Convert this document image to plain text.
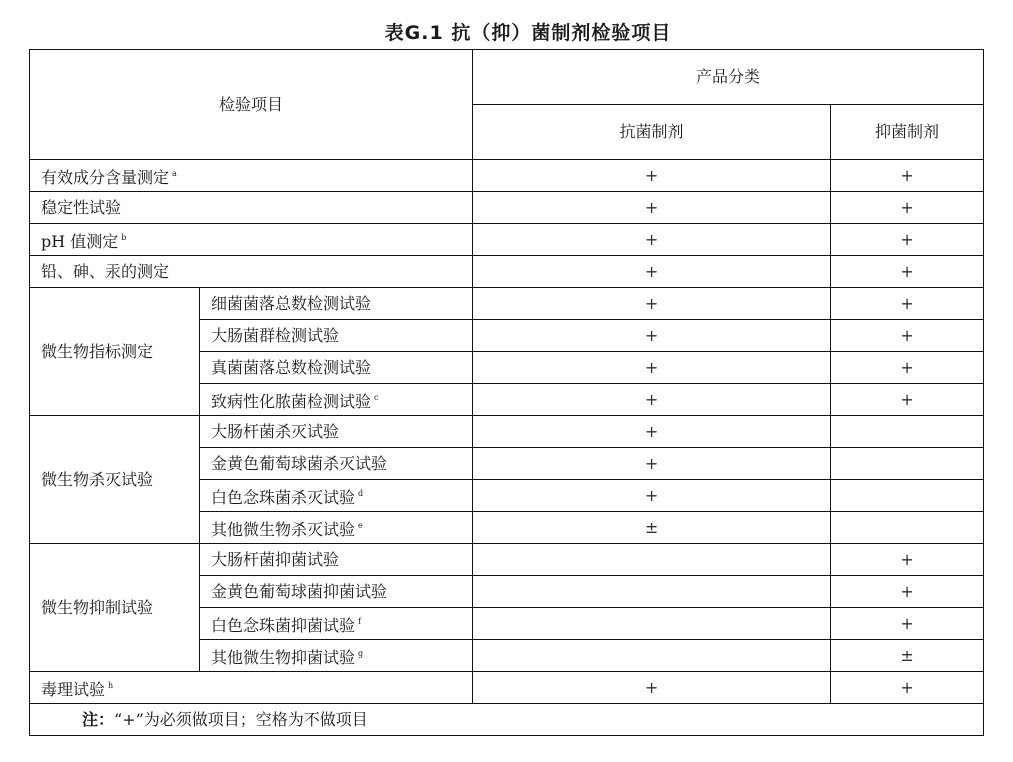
表G.1 抗（抑）菌制剂检验项目
检验项目		产品分类	
		抗菌制剂	抑菌制剂
有效成分含量测定 $^a$		+	+
稳定性试验		+	+
pH 值测定 $^b$		+	+
铅、砷、汞的测定		+	+
微生物指标测定	细菌菌落总数检测试验	+	+
	大肠菌群检测试验	+	+
	真菌菌落总数检测试验	+	+
	致病性化脓菌检测试验 $^c$	+	+
微生物杀灭试验	大肠杆菌杀灭试验	+	
	金黄色葡萄球菌杀灭试验	+	
	白色念珠菌杀灭试验 $^d$	+	
	其他微生物杀灭试验 $^e$	±	
微生物抑制试验	大肠杆菌抑菌试验		+
	金黄色葡萄球菌抑菌试验		+
	白色念珠菌抑菌试验 $^f$		+
	其他微生物抑菌试验 $^g$		±
毒理试验 $^h$		+	+
注：“+”为必须做项目；空格为不做项目			
